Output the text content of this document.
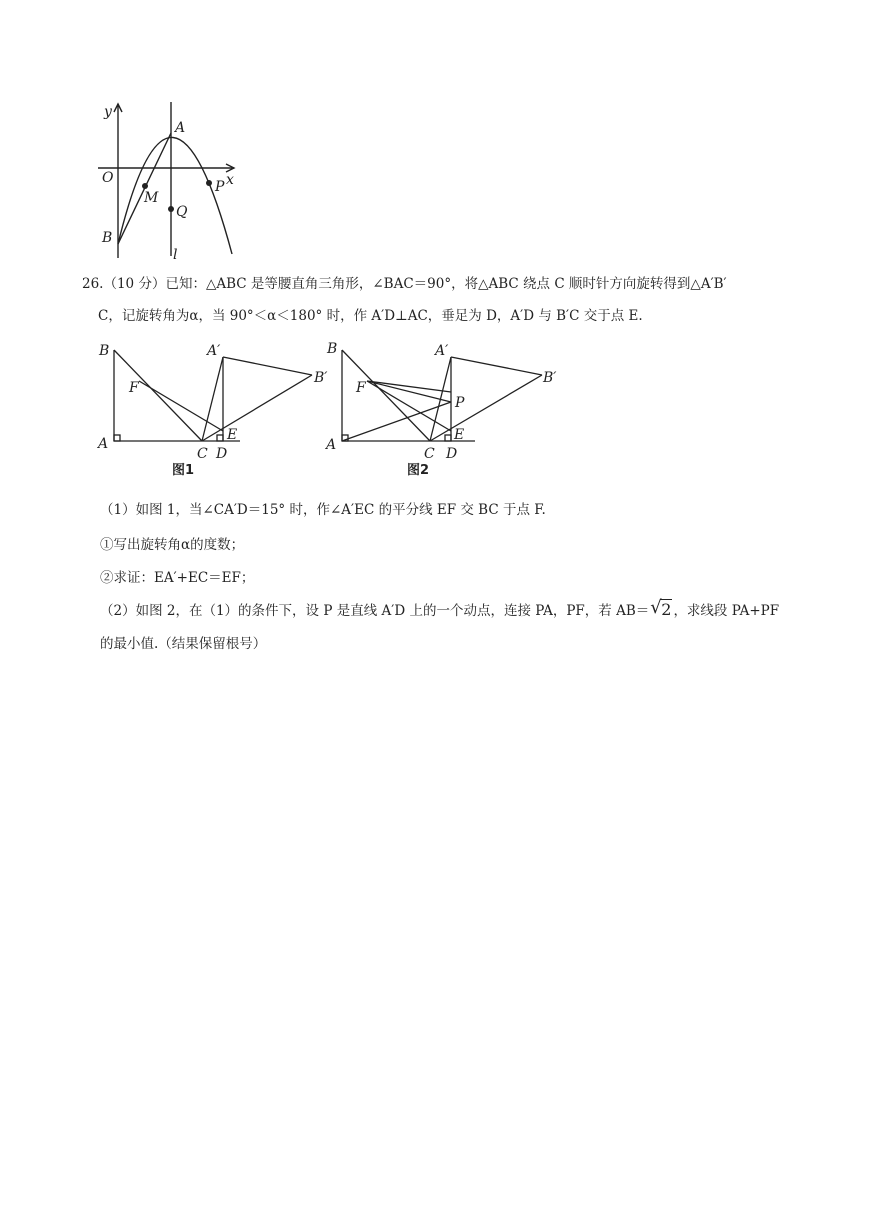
y
x
O
A
M
P
Q
B
l
26.（10 分）已知：△ABC 是等腰直角三角形，∠BAC＝90°，将△ABC 绕点 C 顺时针方向旋转得到△A′B′
C，记旋转角为α，当 90°＜α＜180° 时，作 A′D⊥AC，垂足为 D，A′D 与 B′C 交于点 E.
B
F
A
C D
E
A′
B′
图1
B
F
A
C D
E
A′
B′
P
图2
（1）如图 1，当∠CA′D＝15° 时，作∠A′EC 的平分线 EF 交 BC 于点 F.
①写出旋转角α的度数；
②求证：EA′+EC＝EF；
（2）如图 2，在（1）的条件下，设 P 是直线 A′D 上的一个动点，连接 PA，PF，若 AB＝ √ 2 ，求线段 PA+PF
的最小值.（结果保留根号）
